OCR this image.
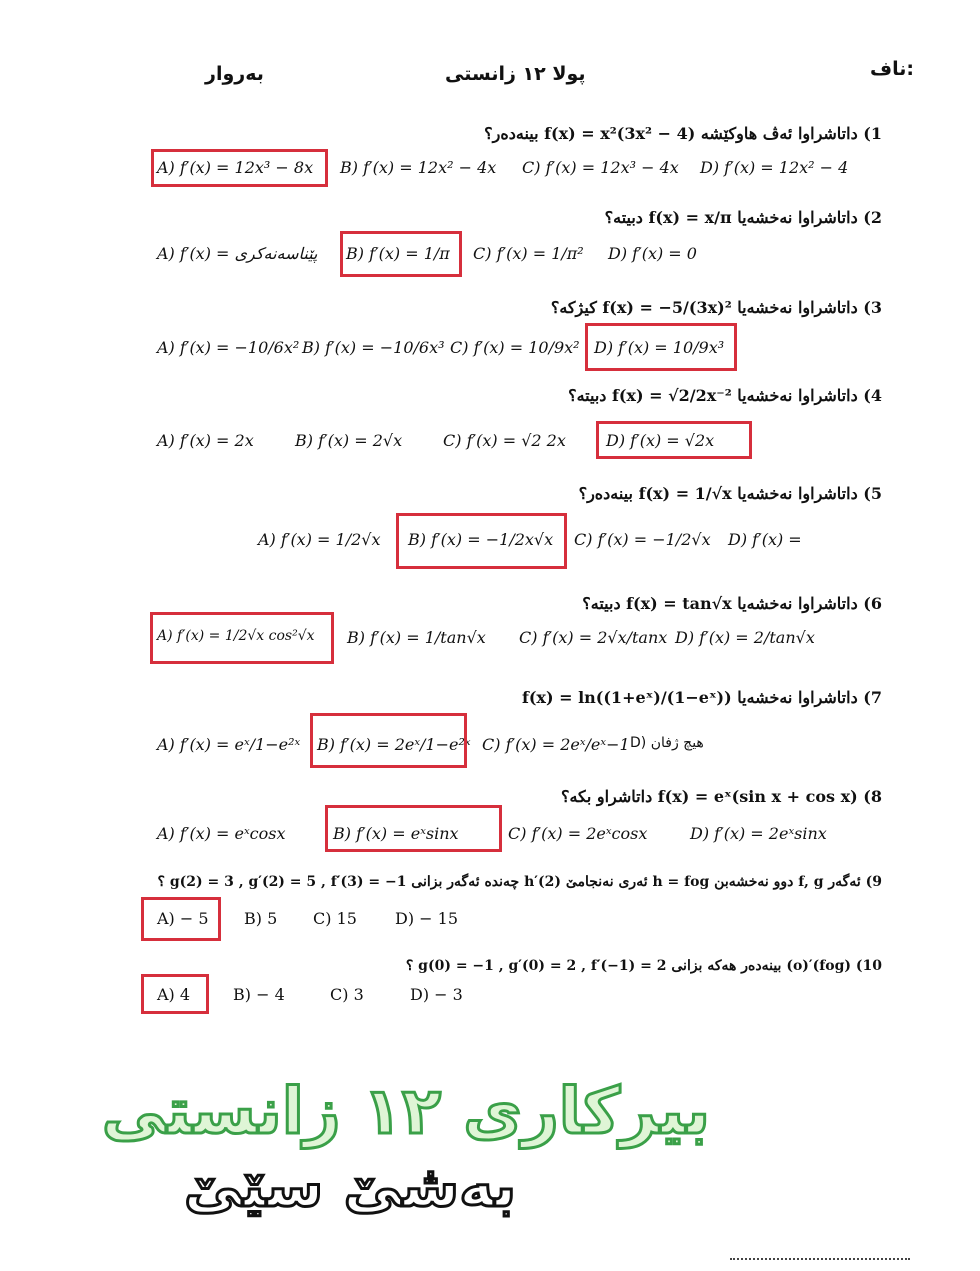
ناف:
پولا ١٢ زانستی
بەروار
1) داتاشراوا ئەڤ هاوکێشە f(x) = x²(3x² − 4) بینەدەر؟
A) f′(x) = 12x³ − 8x B) f′(x) = 12x² − 4x C) f′(x) = 12x³ − 4x D) f′(x) = 12x² − 4
2) داتاشراوا نەخشەیا f(x) = x/π دبیتە؟
A) f′(x) = پێناسەنەکری B) f′(x) = 1/π C) f′(x) = 1/π² D) f′(x) = 0
3) داتاشراوا نەخشەیا f(x) = −5/(3x)² کیژکە؟
A) f′(x) = −10/6x² B) f′(x) = −10/6x³ C) f′(x) = 10/9x² D) f′(x) = 10/9x³
4) داتاشراوا نەخشەیا f(x) = √2/2x⁻² دبیتە؟
A) f′(x) = 2x	B) f′(x) = 2√x	C) f′(x) = √2 2x	D) f′(x) = √2x
5) داتاشراوا نەخشەیا f(x) = 1/√x بینەدەر؟
A) f′(x) = 1/2√x B) f′(x) = −1/2x√x C) f′(x) = −1/2√x D) f′(x) =
6) داتاشراوا نەخشەیا f(x) = tan√x دبیتە؟
A) f′(x) = 1/2√x cos²√x B) f′(x) = 1/tan√x C) f′(x) = 2√x/tanx D) f′(x) = 2/tan√x
7) داتاشراوا نەخشەیا f(x) = ln((1+eˣ)/(1−eˣ))
A) f′(x) = eˣ/1−e²ˣ B) f′(x) = 2eˣ/1−e²ˣ C) f′(x) = 2eˣ/eˣ−1 D) هیچ ژفان
8) f(x) = eˣ(sin x + cos x) داتاشراو بکە؟
A) f′(x) = eˣcosx	B) f′(x) = eˣsinx	C) f′(x) = 2eˣcosx	D) f′(x) = 2eˣsinx
9) ئەگەر f, g دوو نەخشەبن h = fog ئەری نەنجامێ h′(2) چەندە ئەگەر بزانی g(2) = 3 , g′(2) = 5 , f′(3) = −1 ؟
A) − 5 B) 5 C) 15 D) − 15
10) (fog)′(o) بینەدەر هەکە بزانی g(0) = −1 , g′(0) = 2 , f′(−1) = 2 ؟
A) 4	B) − 4	C) 3	D) − 3
بیرکاری ١٢ زانستی
بەشێ سێێ
